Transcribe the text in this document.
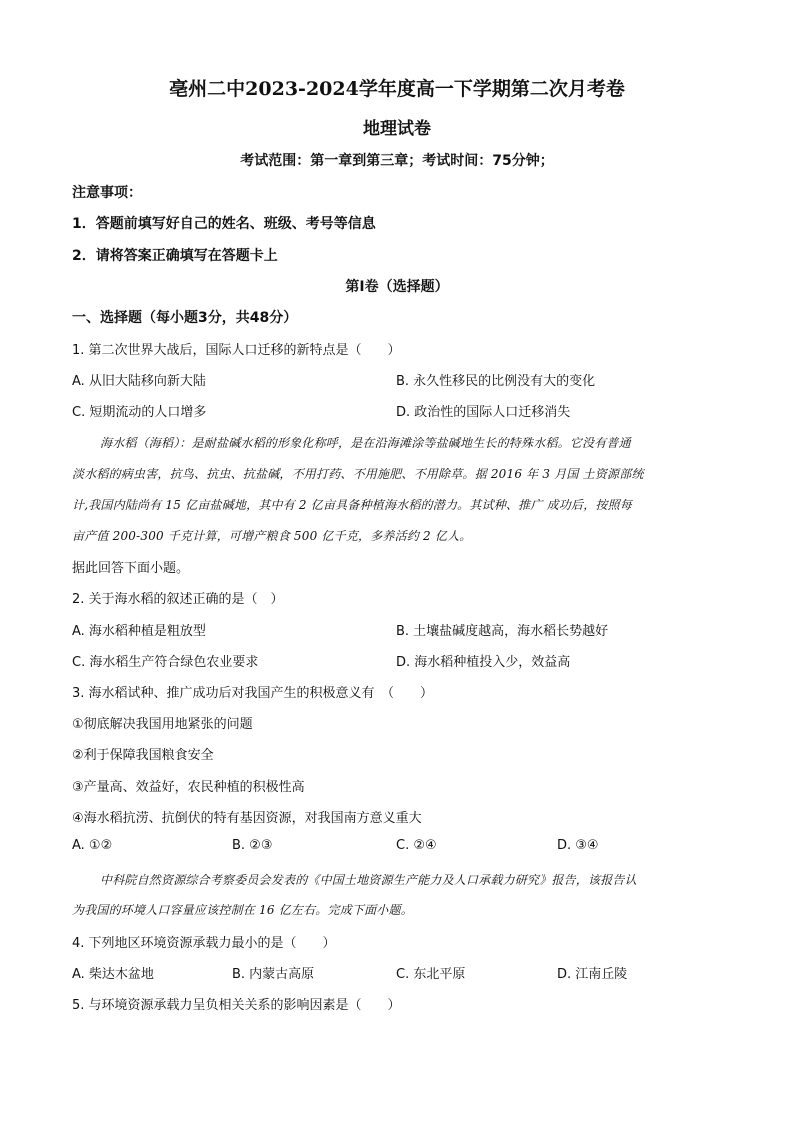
亳州二中2023-2024学年度高一下学期第二次月考卷
地理试卷
考试范围：第一章到第三章；考试时间：75分钟；
注意事项：
1．答题前填写好自己的姓名、班级、考号等信息
2．请将答案正确填写在答题卡上
第Ⅰ卷（选择题）
一、选择题（每小题3分，共48分）
1. 第二次世界大战后，国际人口迁移的新特点是（　　）
A. 从旧大陆移向新大陆	B. 永久性移民的比例没有大的变化
C. 短期流动的人口增多	D. 政治性的国际人口迁移消失
海水稻（海稻）：是耐盐碱水稻的形象化称呼，是在沿海滩涂等盐碱地生长的特殊水稻。它没有普通
淡水稻的病虫害，抗鸟、抗虫、抗盐碱，不用打药、不用施肥、不用除草。据 2016 年 3 月国 土资源部统
计,我国内陆尚有 15 亿亩盐碱地，其中有 2 亿亩具备种植海水稻的潜力。其试种、推广 成功后，按照每
亩产值 200-300 千克计算，可增产粮食 500 亿千克，多养活约 2 亿人。
据此回答下面小题。
2. 关于海水稻的叙述正确的是（　）
A. 海水稻种植是粗放型	B. 土壤盐碱度越高，海水稻长势越好
C. 海水稻生产符合绿色农业要求	D. 海水稻种植投入少，效益高
3. 海水稻试种、推广成功后对我国产生的积极意义有　（　　）
①彻底解决我国用地紧张的问题
②利于保障我国粮食安全
③产量高、效益好，农民种植的积极性高
④海水稻抗涝、抗倒伏的特有基因资源，对我国南方意义重大
A. ①②	B. ②③	C. ②④	D. ③④
中科院自然资源综合考察委员会发表的《中国土地资源生产能力及人口承载力研究》报告，该报告认
为我国的环境人口容量应该控制在 16 亿左右。完成下面小题。
4. 下列地区环境资源承载力最小的是（　　）
A. 柴达木盆地	B. 内蒙古高原	C. 东北平原	D. 江南丘陵
5. 与环境资源承载力呈负相关关系的影响因素是（　　）
